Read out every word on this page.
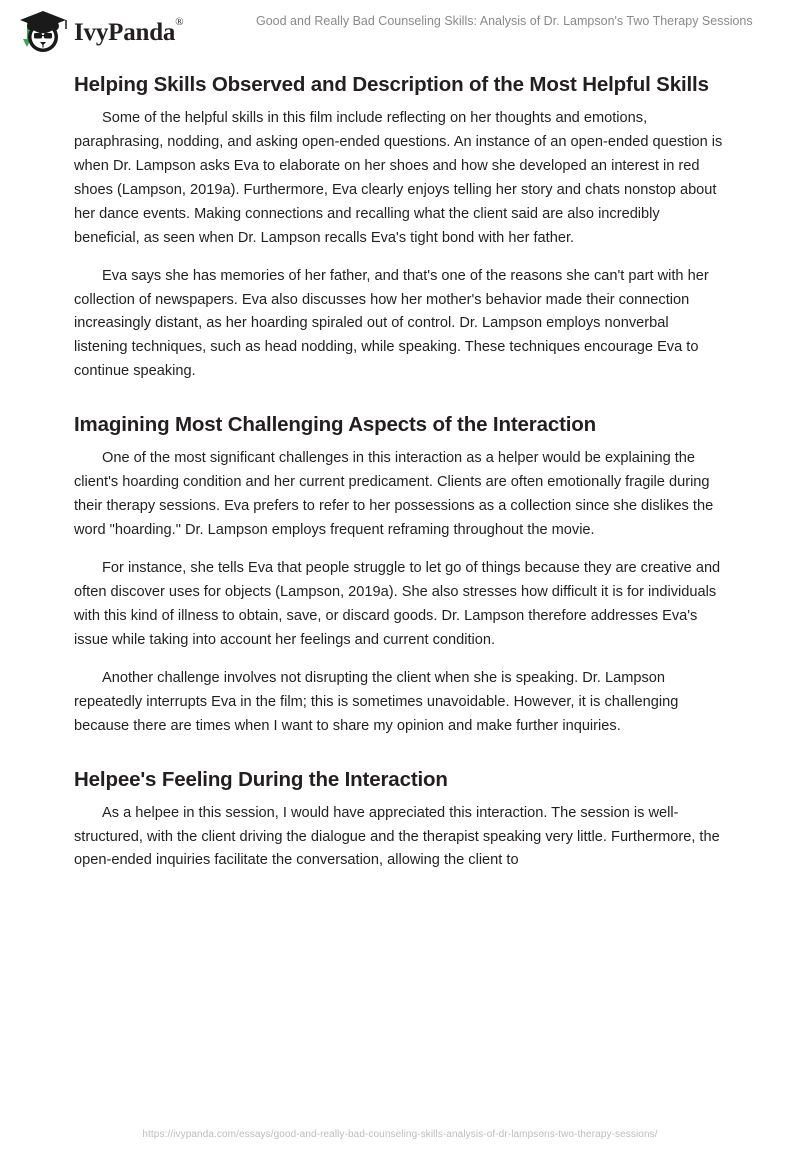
IvyPanda®	Good and Really Bad Counseling Skills: Analysis of Dr. Lampson's Two Therapy Sessions
Helping Skills Observed and Description of the Most Helpful Skills

Some of the helpful skills in this film include reflecting on her thoughts and emotions, paraphrasing, nodding, and asking open-ended questions. An instance of an open-ended question is when Dr. Lampson asks Eva to elaborate on her shoes and how she developed an interest in red shoes (Lampson, 2019a). Furthermore, Eva clearly enjoys telling her story and chats nonstop about her dance events. Making connections and recalling what the client said are also incredibly beneficial, as seen when Dr. Lampson recalls Eva's tight bond with her father.

Eva says she has memories of her father, and that's one of the reasons she can't part with her collection of newspapers. Eva also discusses how her mother's behavior made their connection increasingly distant, as her hoarding spiraled out of control. Dr. Lampson employs nonverbal listening techniques, such as head nodding, while speaking. These techniques encourage Eva to continue speaking.

Imagining Most Challenging Aspects of the Interaction

One of the most significant challenges in this interaction as a helper would be explaining the client's hoarding condition and her current predicament. Clients are often emotionally fragile during their therapy sessions. Eva prefers to refer to her possessions as a collection since she dislikes the word "hoarding." Dr. Lampson employs frequent reframing throughout the movie.

For instance, she tells Eva that people struggle to let go of things because they are creative and often discover uses for objects (Lampson, 2019a). She also stresses how difficult it is for individuals with this kind of illness to obtain, save, or discard goods. Dr. Lampson therefore addresses Eva's issue while taking into account her feelings and current condition.

Another challenge involves not disrupting the client when she is speaking. Dr. Lampson repeatedly interrupts Eva in the film; this is sometimes unavoidable. However, it is challenging because there are times when I want to share my opinion and make further inquiries.

Helpee's Feeling During the Interaction

As a helpee in this session, I would have appreciated this interaction. The session is well-structured, with the client driving the dialogue and the therapist speaking very little. Furthermore, the open-ended inquiries facilitate the conversation, allowing the client to

https://ivypanda.com/essays/good-and-really-bad-counseling-skills-analysis-of-dr-lampsons-two-therapy-sessions/
